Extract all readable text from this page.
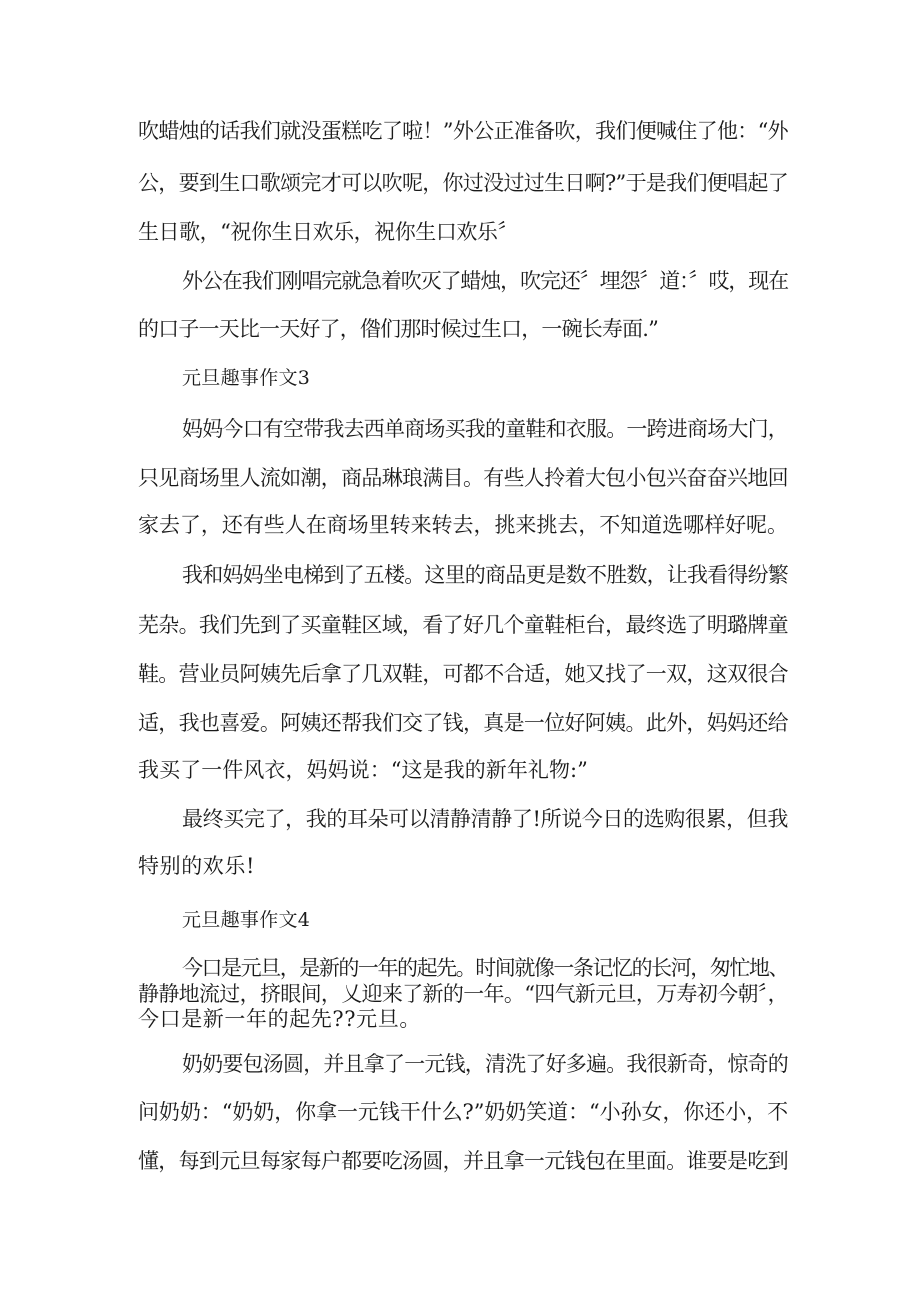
吹蜡烛的话我们就没蛋糕吃了啦！”外公正准备吹，我们便喊住了他：“外
公，要到生口歌颂完才可以吹呢，你过没过过生日啊?”于是我们便唱起了
生日歌，“祝你生日欢乐，祝你生口欢乐〞
外公在我们刚唱完就急着吹灭了蜡烛，吹完还〞埋怨〞道：〞哎，现在
的口子一天比一天好了，偺们那时候过生口，一碗长寿面.”
元旦趣事作文3
妈妈今口有空带我去西单商场买我的童鞋和衣服。一跨进商场大门，
只见商场里人流如潮，商品琳琅满目。有些人拎着大包小包兴奋奋兴地回
家去了，还有些人在商场里转来转去，挑来挑去，不知道选哪样好呢。
我和妈妈坐电梯到了五楼。这里的商品更是数不胜数，让我看得纷繁
芜杂。我们先到了买童鞋区域，看了好几个童鞋柜台，最终选了明璐牌童
鞋。营业员阿姨先后拿了几双鞋，可都不合适，她又找了一双，这双很合
适，我也喜爱。阿姨还帮我们交了钱，真是一位好阿姨。此外，妈妈还给
我买了一件风衣，妈妈说：“这是我的新年礼物:”
最终买完了，我的耳朵可以清静清静了!所说今日的选购很累，但我
特别的欢乐!
元旦趣事作文4
今口是元旦，是新的一年的起先。时间就像一条记忆的长河，匆忙地、
静静地流过，挤眼间，乂迎来了新的一年。“四气新元旦，万寿初今朝〞，
今口是新一年的起先??元旦。
奶奶要包汤圆，并且拿了一元钱，清洗了好多遍。我很新奇，惊奇的
问奶奶：“奶奶，你拿一元钱干什么?”奶奶笑道：“小孙女，你还小，不
懂，每到元旦每家每户都要吃汤圆，并且拿一元钱包在里面。谁要是吃到
